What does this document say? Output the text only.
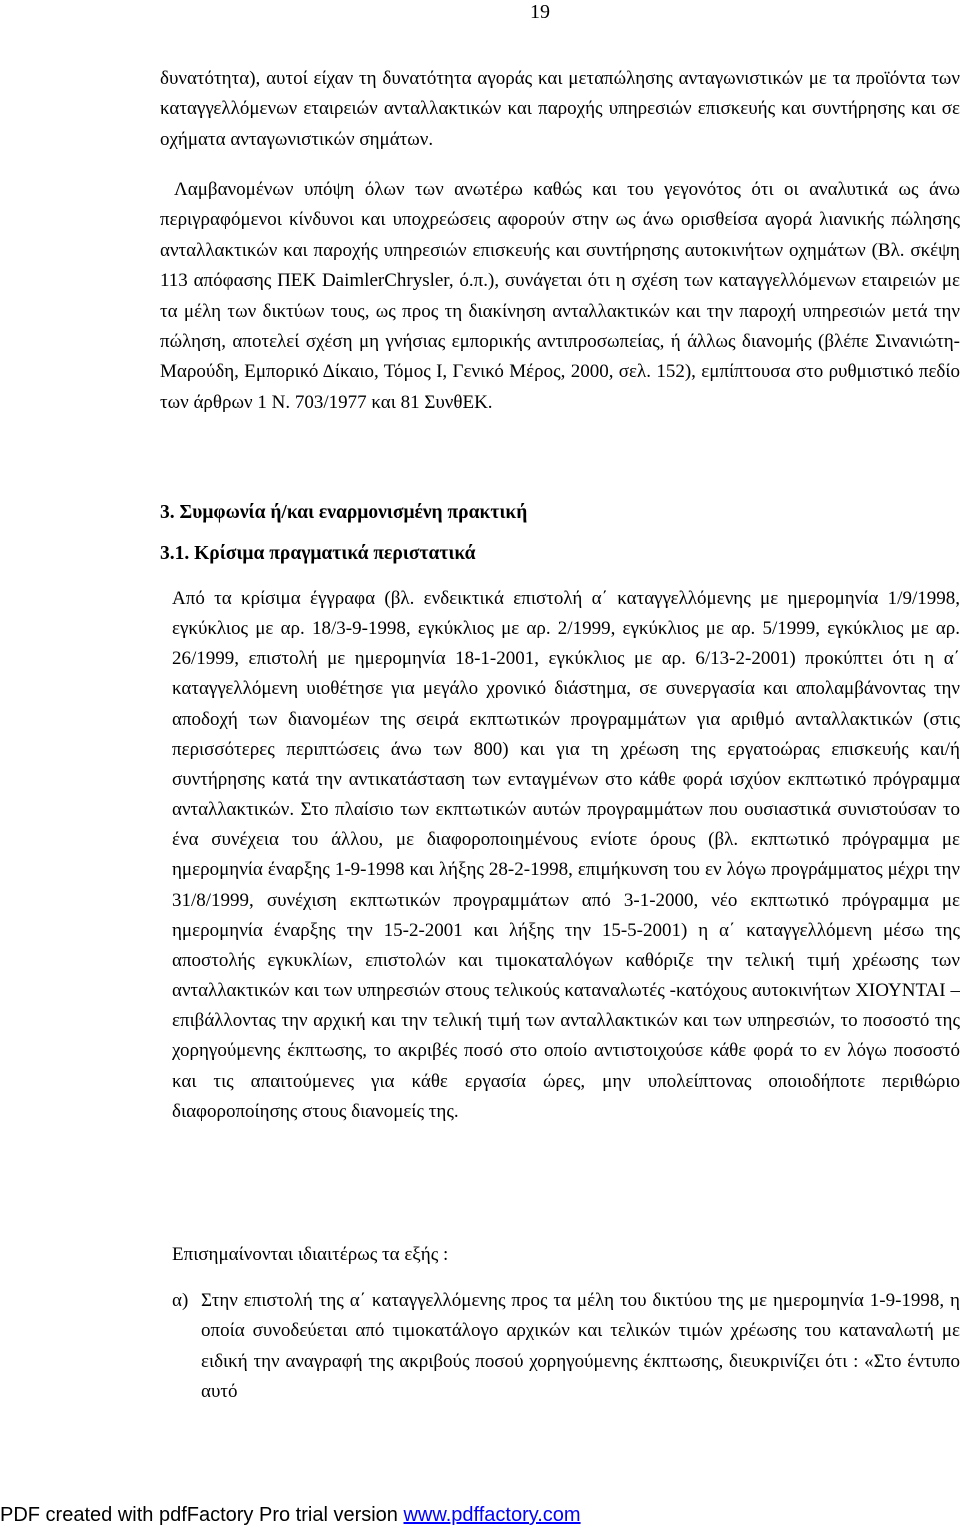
19

δυνατότητα), αυτοί είχαν τη δυνατότητα αγοράς και μεταπώλησης ανταγωνιστικών με τα προϊόντα των καταγγελλόμενων εταιρειών ανταλλακτικών και παροχής υπηρεσιών επισκευής και συντήρησης και σε οχήματα ανταγωνιστικών σημάτων.

Λαμβανομένων υπόψη όλων των ανωτέρω καθώς και του γεγονότος ότι οι αναλυτικά ως άνω περιγραφόμενοι κίνδυνοι και υποχρεώσεις αφορούν στην ως άνω ορισθείσα αγορά λιανικής πώλησης ανταλλακτικών και παροχής υπηρεσιών επισκευής και συντήρησης αυτοκινήτων οχημάτων (Βλ. σκέψη 113 απόφασης ΠΕΚ DaimlerChrysler, ό.π.), συνάγεται ότι η σχέση των καταγγελλόμενων εταιρειών με τα μέλη των δικτύων τους, ως προς τη διακίνηση ανταλλακτικών και την παροχή υπηρεσιών μετά την πώληση, αποτελεί σχέση μη γνήσιας εμπορικής αντιπροσωπείας, ή άλλως διανομής (βλέπε Σινανιώτη-Μαρούδη, Εμπορικό Δίκαιο, Τόμος Ι, Γενικό Μέρος, 2000, σελ. 152), εμπίπτουσα στο ρυθμιστικό πεδίο των άρθρων 1 Ν. 703/1977 και 81 ΣυνθΕΚ.

3. Συμφωνία ή/και εναρμονισμένη πρακτική
3.1. Κρίσιμα πραγματικά περιστατικά

Από τα κρίσιμα έγγραφα (βλ. ενδεικτικά επιστολή α΄ καταγγελλόμενης με ημερομηνία 1/9/1998, εγκύκλιος με αρ. 18/3-9-1998, εγκύκλιος με αρ. 2/1999, εγκύκλιος με αρ. 5/1999, εγκύκλιος με αρ. 26/1999, επιστολή με ημερομηνία 18-1-2001, εγκύκλιος με αρ. 6/13-2-2001) προκύπτει ότι η α΄ καταγγελλόμενη υιοθέτησε για μεγάλο χρονικό διάστημα, σε συνεργασία και απολαμβάνοντας την αποδοχή των διανομέων της σειρά εκπτωτικών προγραμμάτων για αριθμό ανταλλακτικών (στις περισσότερες περιπτώσεις άνω των 800) και για τη χρέωση της εργατοώρας επισκευής και/ή συντήρησης κατά την αντικατάσταση των ενταγμένων στο κάθε φορά ισχύον εκπτωτικό πρόγραμμα ανταλλακτικών. Στο πλαίσιο των εκπτωτικών αυτών προγραμμάτων που ουσιαστικά συνιστούσαν το ένα συνέχεια του άλλου, με διαφοροποιημένους ενίοτε όρους (βλ. εκπτωτικό πρόγραμμα με ημερομηνία έναρξης 1-9-1998 και λήξης 28-2-1998, επιμήκυνση του εν λόγω προγράμματος μέχρι την 31/8/1999, συνέχιση εκπτωτικών προγραμμάτων από 3-1-2000, νέο εκπτωτικό πρόγραμμα με ημερομηνία έναρξης την 15-2-2001 και λήξης την 15-5-2001) η α΄ καταγγελλόμενη μέσω της αποστολής εγκυκλίων, επιστολών και τιμοκαταλόγων καθόριζε την τελική τιμή χρέωσης των ανταλλακτικών και των υπηρεσιών στους τελικούς καταναλωτές -κατόχους αυτοκινήτων ΧΙΟΥΝΤΑΙ – επιβάλλοντας την αρχική και την τελική τιμή των ανταλλακτικών και των υπηρεσιών, το ποσοστό της χορηγούμενης έκπτωσης, το ακριβές ποσό στο οποίο αντιστοιχούσε κάθε φορά το εν λόγω ποσοστό και τις απαιτούμενες για κάθε εργασία ώρες, μην υπολείπτονας οποιοδήποτε περιθώριο διαφοροποίησης στους διανομείς της.

Επισημαίνονται ιδιαιτέρως τα εξής :

α) Στην επιστολή της α΄ καταγγελλόμενης προς τα μέλη του δικτύου της με ημερομηνία 1-9-1998, η οποία συνοδεύεται από τιμοκατάλογο αρχικών και τελικών τιμών χρέωσης του καταναλωτή με ειδική την αναγραφή της ακριβούς ποσού χορηγούμενης έκπτωσης, διευκρινίζει ότι : «Στο έντυπο αυτό
PDF created with pdfFactory Pro trial version www.pdffactory.com
